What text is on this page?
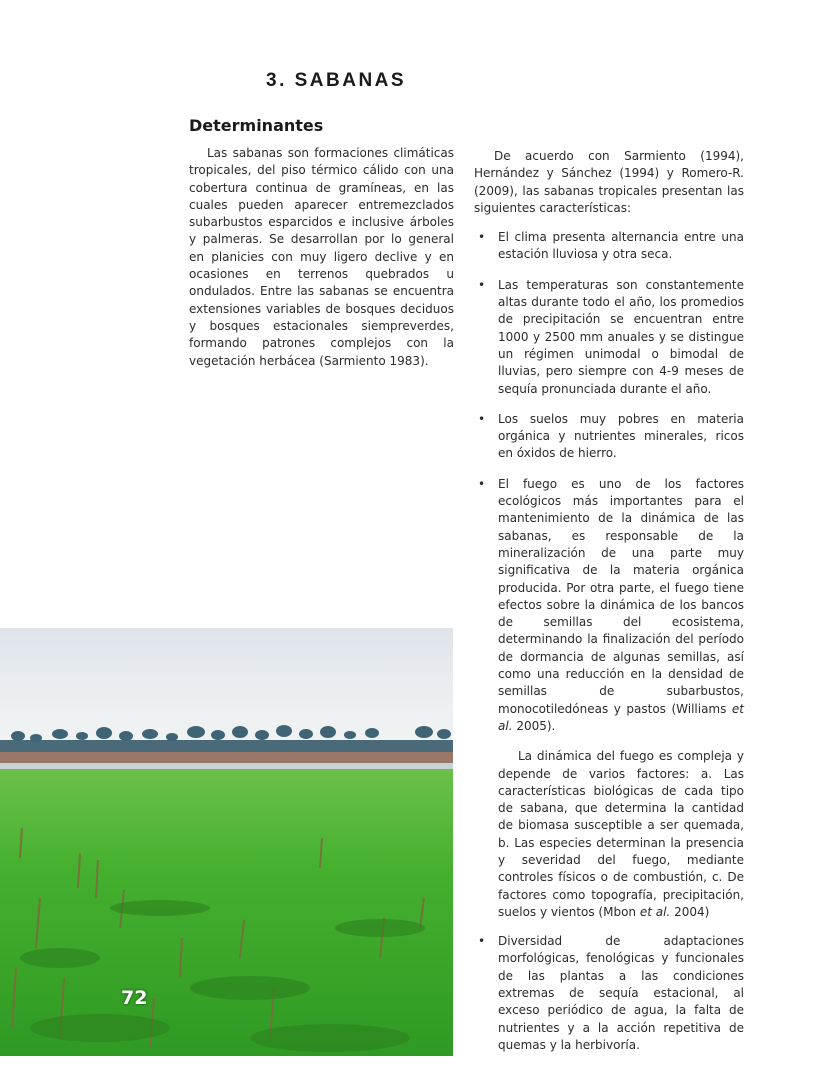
3. SABANAS
Determinantes

Las sabanas son formaciones climáticas tropicales, del piso térmico cálido con una cobertura continua de gramíneas, en las cuales pueden aparecer entremezclados subarbustos esparcidos e inclusive árboles y palmeras. Se desarrollan por lo general en planicies con muy ligero declive y en ocasiones en terrenos quebrados u ondulados. Entre las sabanas se encuentra extensiones variables de bosques deciduos y bosques estacionales siempreverdes, formando patrones complejos con la vegetación herbácea (Sarmiento 1983).

De acuerdo con Sarmiento (1994), Hernández y Sánchez (1994) y Romero-R. (2009), las sabanas tropicales presentan las siguientes características:

• El clima presenta alternancia entre una estación lluviosa y otra seca.
• Las temperaturas son constantemente altas durante todo el año, los promedios de precipitación se encuentran entre 1000 y 2500 mm anuales y se distingue un régimen unimodal o bimodal de lluvias, pero siempre con 4-9 meses de sequía pronunciada durante el año.
• Los suelos muy pobres en materia orgánica y nutrientes minerales, ricos en óxidos de hierro.
• El fuego es uno de los factores ecológicos más importantes para el mantenimiento de la dinámica de las sabanas, es responsable de la mineralización de una parte muy significativa de la materia orgánica producida. Por otra parte, el fuego tiene efectos sobre la dinámica de los bancos de semillas del ecosistema, determinando la finalización del período de dormancia de algunas semillas, así como una reducción en la densidad de semillas de subarbustos, monocotiledóneas y pastos (Williams et al. 2005).

La dinámica del fuego es compleja y depende de varios factores: a. Las características biológicas de cada tipo de sabana, que determina la cantidad de biomasa susceptible a ser quemada, b. Las especies determinan la presencia y severidad del fuego, mediante controles físicos o de combustión, c. De factores como topografía, precipitación, suelos y vientos (Mbon et al. 2004)

• Diversidad de adaptaciones morfológicas, fenológicas y funcionales de las plantas a las condiciones extremas de sequía estacional, al exceso periódico de agua, la falta de nutrientes y a la acción repetitiva de quemas y la herbivoría.
72
